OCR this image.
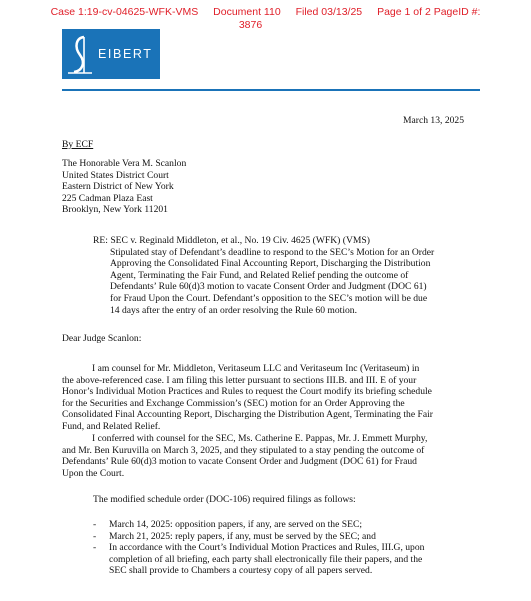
Case 1:19-cv-04625-WFK-VMS Document 110 Filed 03/13/25 Page 1 of 2 PageID #:
3876
EIBERT
March 13, 2025
By ECF
The Honorable Vera M. Scanlon
United States District Court
Eastern District of New York
225 Cadman Plaza East
Brooklyn, New York 11201
RE: SEC v. Reginald Middleton, et al., No. 19 Civ. 4625 (WFK) (VMS)
Stipulated stay of Defendant’s deadline to respond to the SEC’s Motion for an Order
Approving the Consolidated Final Accounting Report, Discharging the Distribution
Agent, Terminating the Fair Fund, and Related Relief pending the outcome of
Defendants’ Rule 60(d)3 motion to vacate Consent Order and Judgment (DOC 61)
for Fraud Upon the Court. Defendant’s opposition to the SEC’s motion will be due
14 days after the entry of an order resolving the Rule 60 motion.
Dear Judge Scanlon:
I am counsel for Mr. Middleton, Veritaseum LLC and Veritaseum Inc (Veritaseum) in
the above-referenced case. I am filing this letter pursuant to sections III.B. and III. E of your
Honor’s Individual Motion Practices and Rules to request the Court modify its briefing schedule
for the Securities and Exchange Commission’s (SEC) motion for an Order Approving the
Consolidated Final Accounting Report, Discharging the Distribution Agent, Terminating the Fair
Fund, and Related Relief.
I conferred with counsel for the SEC, Ms. Catherine E. Pappas, Mr. J. Emmett Murphy,
and Mr. Ben Kuruvilla on March 3, 2025, and they stipulated to a stay pending the outcome of
Defendants’ Rule 60(d)3 motion to vacate Consent Order and Judgment (DOC 61) for Fraud
Upon the Court.
The modified schedule order (DOC-106) required filings as follows:
- March 14, 2025: opposition papers, if any, are served on the SEC;
- March 21, 2025: reply papers, if any, must be served by the SEC; and
- In accordance with the Court’s Individual Motion Practices and Rules, III.G, upon
completion of all briefing, each party shall electronically file their papers, and the
SEC shall provide to Chambers a courtesy copy of all papers served.
